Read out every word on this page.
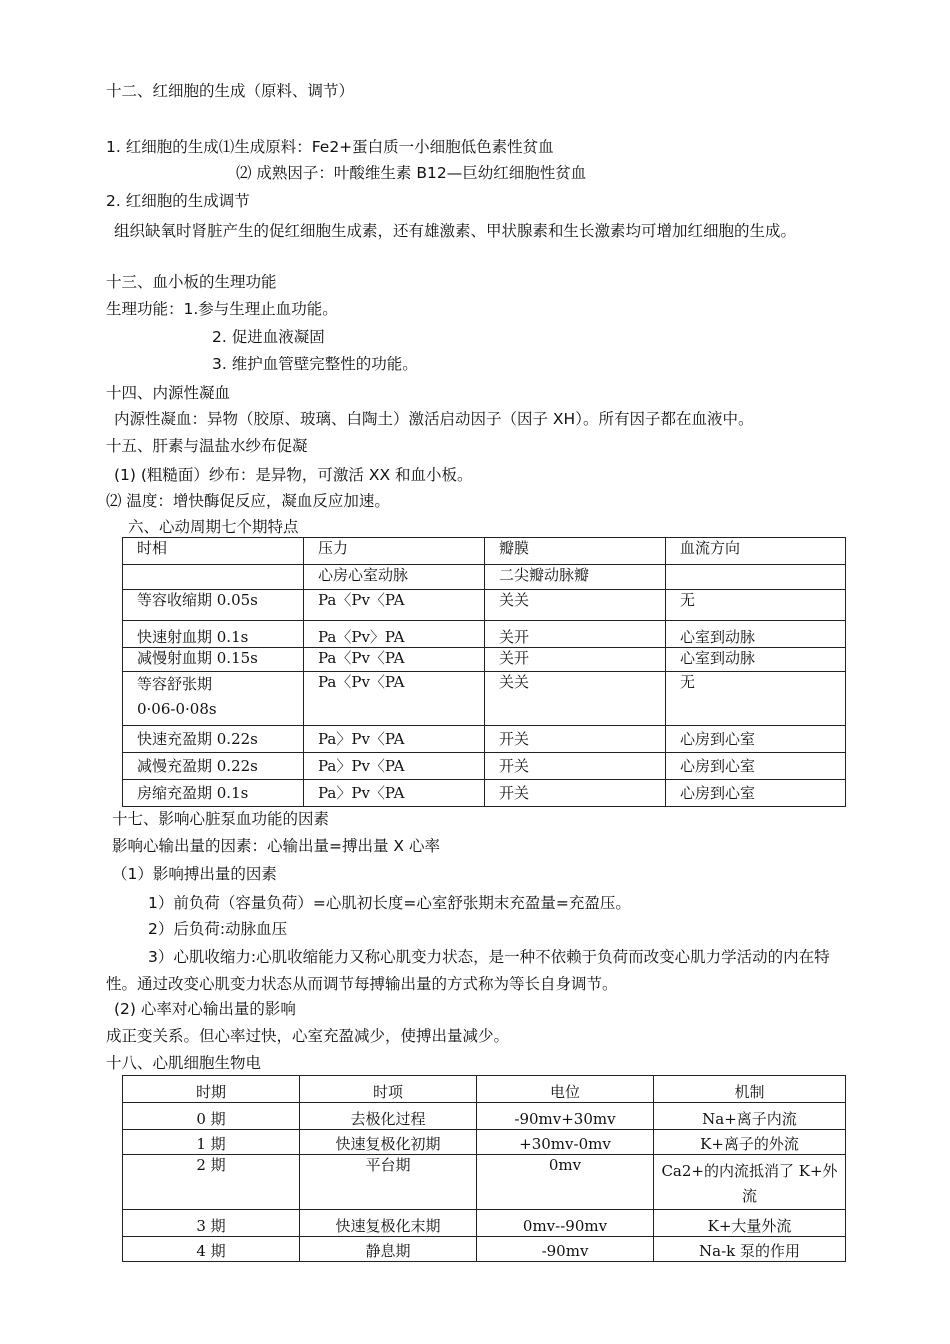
十二、红细胞的生成（原料、调节）
1. 红细胞的生成⑴生成原料：Fe2+蛋白质一小细胞低色素性贫血
⑵ 成熟因子：叶酸维生素 B12—巨幼红细胞性贫血
2. 红细胞的生成调节
组织缺氧时肾脏产生的促红细胞生成素，还有雄激素、甲状腺素和生长激素均可增加红细胞的生成。
十三、血小板的生理功能
生理功能：1.参与生理止血功能。
2. 促进血液凝固
3. 维护血管壁完整性的功能。
十四、内源性凝血
内源性凝血：异物（胶原、玻璃、白陶土）激活启动因子（因子 XH）。所有因子都在血液中。
十五、肝素与温盐水纱布促凝
(1) (粗糙面）纱布：是异物，可激活 XX 和血小板。
⑵ 温度：增快酶促反应，凝血反应加速。
六、心动周期七个期特点
时相	压力	瓣膜	血流方向
	心房心室动脉	二尖瓣动脉瓣	
等容收缩期 0.05s	Pa〈Pv〈PA	关关	无
快速射血期 0.1s	Pa〈Pv〉PA	关开	心室到动脉
减慢射血期 0.15s	Pa〈Pv〈PA	关开	心室到动脉
等容舒张期
0·06-0·08s	Pa〈Pv〈PA	关关	无
快速充盈期 0.22s	Pa〉Pv〈PA	开关	心房到心室
减慢充盈期 0.22s	Pa〉Pv〈PA	开关	心房到心室
房缩充盈期 0.1s	Pa〉Pv〈PA	开关	心房到心室
十七、影响心脏泵血功能的因素
影响心输出量的因素：心输出量=搏出量 X 心率
（1）影响搏出量的因素
1）前负荷（容量负荷）=心肌初长度=心室舒张期末充盈量=充盈压。
2）后负荷:动脉血压
3）心肌收缩力:心肌收缩能力又称心肌变力状态，是一种不依赖于负荷而改变心肌力学活动的内在特性。通过改变心肌变力状态从而调节每搏输出量的方式称为等长自身调节。
(2) 心率对心输出量的影响
成正变关系。但心率过快，心室充盈减少，使搏出量减少。
十八、心肌细胞生物电
时期	时项	电位	机制
0 期	去极化过程	-90mv+30mv	Na+离子内流
1 期	快速复极化初期	+30mv-0mv	K+离子的外流
2 期	平台期	0mv	Ca2+的内流抵消了 K+外流
3 期	快速复极化末期	0mv--90mv	K+大量外流
4 期	静息期	-90mv	Na-k 泵的作用
